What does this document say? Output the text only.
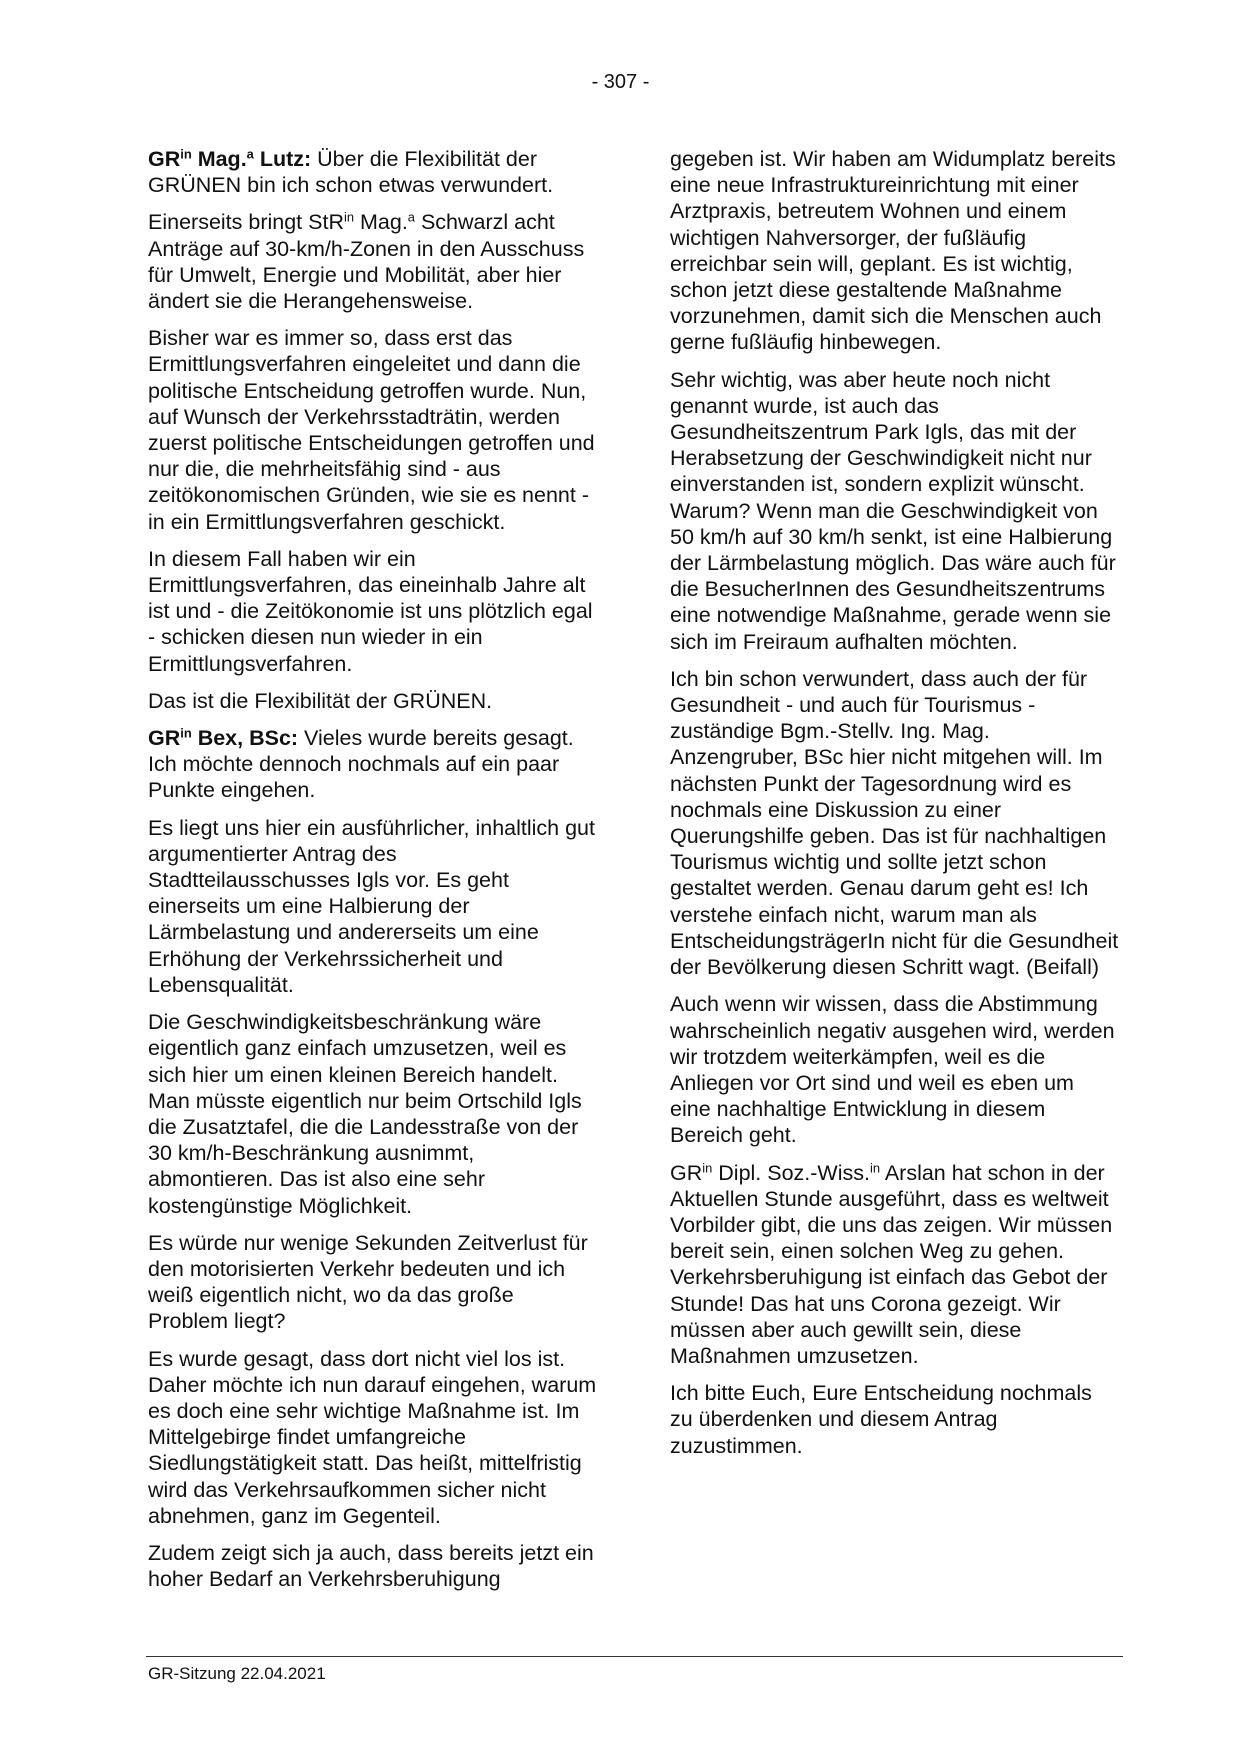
- 307 -

$GR^{in}$ Mag.$^a$ Lutz: Über die Flexibilität der GRÜNEN bin ich schon etwas verwundert.

Einerseits bringt StR$^{in}$ Mag.$^a$ Schwarzl acht Anträge auf 30-km/h-Zonen in den Ausschuss für Umwelt, Energie und Mobilität, aber hier ändert sie die Herangehensweise.

Bisher war es immer so, dass erst das Ermittlungsverfahren eingeleitet und dann die politische Entscheidung getroffen wurde. Nun, auf Wunsch der Verkehrsstadträtin, werden zuerst politische Entscheidungen getroffen und nur die, die mehrheitsfähig sind - aus zeitökonomischen Gründen, wie sie es nennt - in ein Ermittlungsverfahren geschickt.

In diesem Fall haben wir ein Ermittlungsverfahren, das eineinhalb Jahre alt ist und - die Zeitökonomie ist uns plötzlich egal - schicken diesen nun wieder in ein Ermittlungsverfahren.

Das ist die Flexibilität der GRÜNEN.

$GR^{in}$ Bex, BSc: Vieles wurde bereits gesagt. Ich möchte dennoch nochmals auf ein paar Punkte eingehen.

Es liegt uns hier ein ausführlicher, inhaltlich gut argumentierter Antrag des Stadtteilausschusses Igls vor. Es geht einerseits um eine Halbierung der Lärmbelastung und andererseits um eine Erhöhung der Verkehrssicherheit und Lebensqualität.

Die Geschwindigkeitsbeschränkung wäre eigentlich ganz einfach umzusetzen, weil es sich hier um einen kleinen Bereich handelt. Man müsste eigentlich nur beim Ortschild Igls die Zusatztafel, die die Landesstraße von der 30 km/h-Beschränkung ausnimmt, abmontieren. Das ist also eine sehr kostengünstige Möglichkeit.

Es würde nur wenige Sekunden Zeitverlust für den motorisierten Verkehr bedeuten und ich weiß eigentlich nicht, wo da das große Problem liegt?

Es wurde gesagt, dass dort nicht viel los ist. Daher möchte ich nun darauf eingehen, warum es doch eine sehr wichtige Maßnahme ist. Im Mittelgebirge findet umfangreiche Siedlungstätigkeit statt. Das heißt, mittelfristig wird das Verkehrsaufkommen sicher nicht abnehmen, ganz im Gegenteil.

Zudem zeigt sich ja auch, dass bereits jetzt ein hoher Bedarf an Verkehrsberuhigung

gegeben ist. Wir haben am Widumplatz bereits eine neue Infrastruktureinrichtung mit einer Arztpraxis, betreutem Wohnen und einem wichtigen Nahversorger, der fußläufig erreichbar sein will, geplant. Es ist wichtig, schon jetzt diese gestaltende Maßnahme vorzunehmen, damit sich die Menschen auch gerne fußläufig hinbewegen.

Sehr wichtig, was aber heute noch nicht genannt wurde, ist auch das Gesundheitszentrum Park Igls, das mit der Herabsetzung der Geschwindigkeit nicht nur einverstanden ist, sondern explizit wünscht. Warum? Wenn man die Geschwindigkeit von 50 km/h auf 30 km/h senkt, ist eine Halbierung der Lärmbelastung möglich. Das wäre auch für die BesucherInnen des Gesundheitszentrums eine notwendige Maßnahme, gerade wenn sie sich im Freiraum aufhalten möchten.

Ich bin schon verwundert, dass auch der für Gesundheit - und auch für Tourismus - zuständige Bgm.-Stellv. Ing. Mag. Anzengruber, BSc hier nicht mitgehen will. Im nächsten Punkt der Tagesordnung wird es nochmals eine Diskussion zu einer Querungshilfe geben. Das ist für nachhaltigen Tourismus wichtig und sollte jetzt schon gestaltet werden. Genau darum geht es! Ich verstehe einfach nicht, warum man als EntscheidungsträgerIn nicht für die Gesundheit der Bevölkerung diesen Schritt wagt. (Beifall)

Auch wenn wir wissen, dass die Abstimmung wahrscheinlich negativ ausgehen wird, werden wir trotzdem weiterkämpfen, weil es die Anliegen vor Ort sind und weil es eben um eine nachhaltige Entwicklung in diesem Bereich geht.

$GR^{in}$ Dipl. Soz.-Wiss.$^{in}$ Arslan hat schon in der Aktuellen Stunde ausgeführt, dass es weltweit Vorbilder gibt, die uns das zeigen. Wir müssen bereit sein, einen solchen Weg zu gehen. Verkehrsberuhigung ist einfach das Gebot der Stunde! Das hat uns Corona gezeigt. Wir müssen aber auch gewillt sein, diese Maßnahmen umzusetzen.

Ich bitte Euch, Eure Entscheidung nochmals zu überdenken und diesem Antrag zuzustimmen.

GR-Sitzung 22.04.2021
